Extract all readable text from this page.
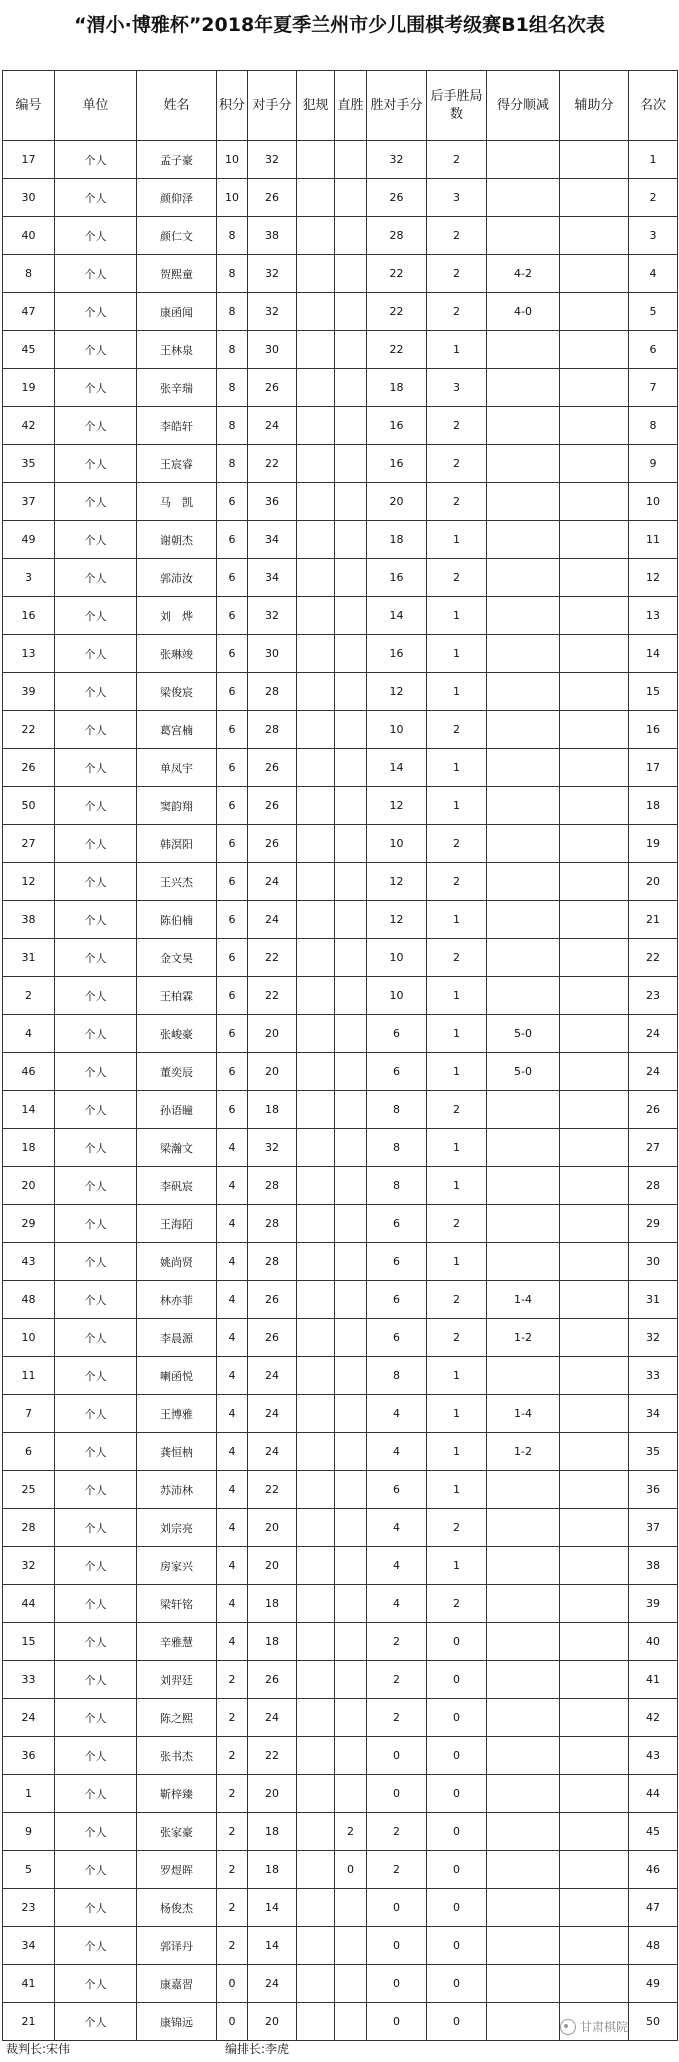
“渭小·博雅杯”2018年夏季兰州市少儿围棋考级赛B1组名次表
编号	单位	姓名	积分	对手分	犯规	直胜	胜对手分	后手胜局数	得分顺减	辅助分	名次
17	个人	孟子豪	10	32			32	2			1
30	个人	颜仰泽	10	26			26	3			2
40	个人	颜仁文	8	38			28	2			3
8	个人	贺熙童	8	32			22	2	4-2		4
47	个人	康函闻	8	32			22	2	4-0		5
45	个人	王林泉	8	30			22	1			6
19	个人	张辛瑞	8	26			18	3			7
42	个人	李皓轩	8	24			16	2			8
35	个人	王宸睿	8	22			16	2			9
37	个人	马　凯	6	36			20	2			10
49	个人	谢朝杰	6	34			18	1			11
3	个人	郭沛汝	6	34			16	2			12
16	个人	刘　烨	6	32			14	1			13
13	个人	张琳竣	6	30			16	1			14
39	个人	梁俊宸	6	28			12	1			15
22	个人	葛宫楠	6	28			10	2			16
26	个人	单凤宇	6	26			14	1			17
50	个人	窦韵翔	6	26			12	1			18
27	个人	韩溟阳	6	26			10	2			19
12	个人	王兴杰	6	24			12	2			20
38	个人	陈伯楠	6	24			12	1			21
31	个人	金文昊	6	22			10	2			22
2	个人	王柏霖	6	22			10	1			23
4	个人	张峻豪	6	20			6	1	5-0		24
46	个人	董奕辰	6	20			6	1	5-0		24
14	个人	孙语瞳	6	18			8	2			26
18	个人	梁瀚文	4	32			8	1			27
20	个人	李矾宸	4	28			8	1			28
29	个人	王海陌	4	28			6	2			29
43	个人	姚尚贤	4	28			6	1			30
48	个人	林亦菲	4	26			6	2	1-4		31
10	个人	李晨源	4	26			6	2	1-2		32
11	个人	喇函悦	4	24			8	1			33
7	个人	王博雅	4	24			4	1	1-4		34
6	个人	龚恒枘	4	24			4	1	1-2		35
25	个人	苏沛林	4	22			6	1			36
28	个人	刘宗亮	4	20			4	2			37
32	个人	房家兴	4	20			4	1			38
44	个人	梁轩铭	4	18			4	2			39
15	个人	辛雅慧	4	18			2	0			40
33	个人	刘羿廷	2	26			2	0			41
24	个人	陈之熙	2	24			2	0			42
36	个人	张书杰	2	22			0	0			43
1	个人	靳梓臻	2	20			0	0			44
9	个人	张家豪	2	18		2	2	0			45
5	个人	罗煜晖	2	18		0	2	0			46
23	个人	杨俊杰	2	14			0	0			47
34	个人	郭译丹	2	14			0	0			48
41	个人	康嘉習	0	24			0	0			49
21	个人	康锦远	0	20			0	0			50
裁判长:宋伟	编排长:李虎
甘肃棋院
